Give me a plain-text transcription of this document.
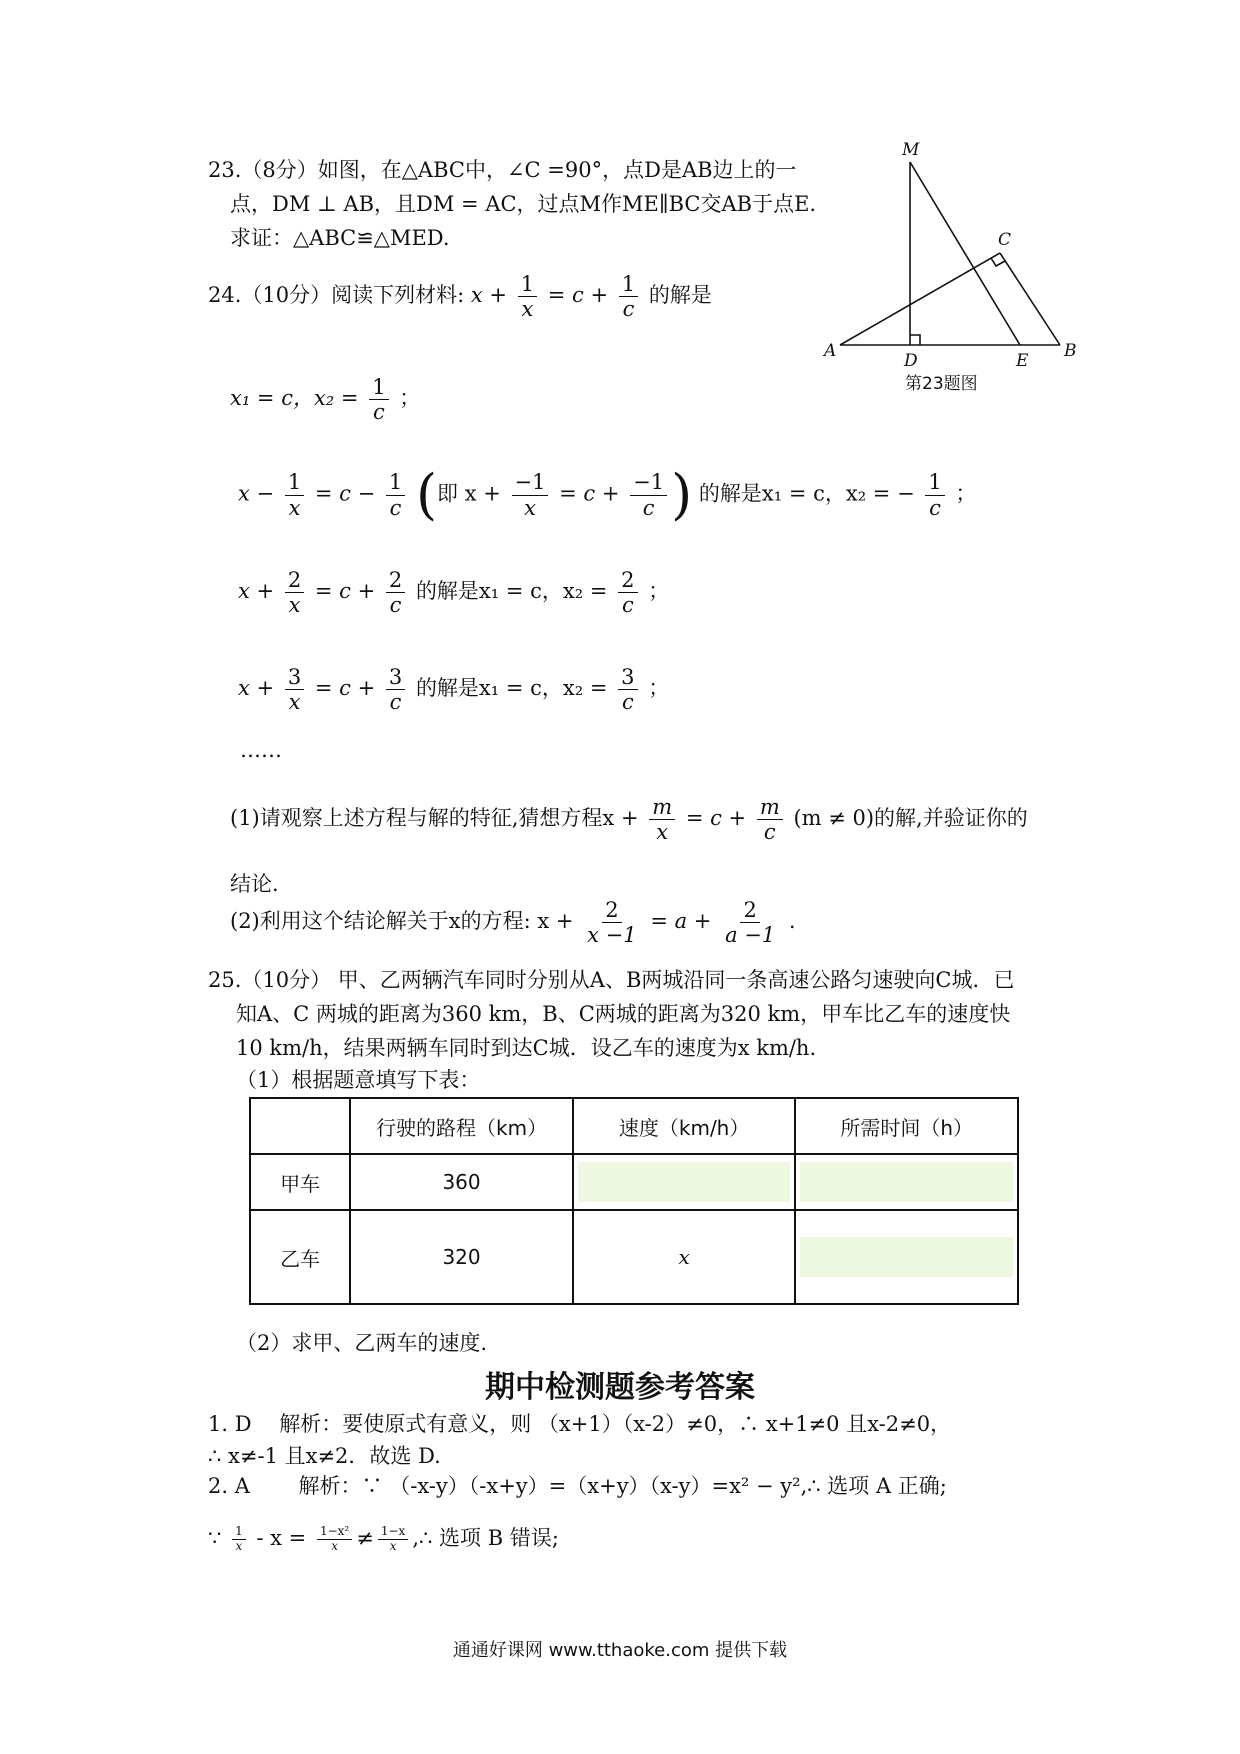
23.（8分）如图，在△ABC中，∠C =90°，点D是AB边上的一
点，DM ⊥ AB，且DM = AC，过点M作ME∥BC交AB于点E.
求证：△ABC≌△MED.
M
C
A	D	E B
第23题图
24.（10分）阅读下列材料: $x + \frac{1}{x} = c + \frac{1}{c}$ 的解是
x₁ = c，$x_2 = \frac{1}{c}$ ；
$x - \frac{1}{x} = c - \frac{1}{c}$ (即 $x + \frac{-1}{x} = c + \frac{-1}{c}$ ) 的解是x₁ = c，x₂ = − $\frac{1}{c}$ ；
$x + \frac{2}{x} = c + \frac{2}{c}$ 的解是x₁ = c，$x_2 = \frac{2}{c}$ ；
$x + \frac{3}{x} = c + \frac{3}{c}$ 的解是x₁ = c，$x_2 = \frac{3}{c}$ ；
……
(1)请观察上述方程与解的特征,猜想方程$x + \frac{m}{x} = c + \frac{m}{c} (m \ne 0)$的解,并验证你的
结论.
(2)利用这个结论解关于x的方程: $x + \frac{2}{x -1} = a + \frac{2}{a -1}$ .
25.（10分） 甲、乙两辆汽车同时分别从A、B两城沿同一条高速公路匀速驶向C城．已
知A、C 两城的距离为360 km，B、C两城的距离为320 km，甲车比乙车的速度快
10 km/h，结果两辆车同时到达C城．设乙车的速度为x km/h.
（1）根据题意填写下表：
	行驶的路程（km）	速度（km/h）	所需时间（h）
甲车	360	

乙车	320	x	
（2）求甲、乙两车的速度.
期中检测题参考答案
1. D　 解析：要使原式有意义，则 （x+1）（x-2）≠0，∴ x+1≠0 且x-2≠0，
∴ x≠-1 且x≠2．故选 D.
2. A　　 解析：∵ （-x-y）（-x+y）=（x+y）（x-y）=x² − y²,∴ 选项 A 正确;
∵ $\frac{1}{x} - x = \frac{\text{1−x²}}{x} \ne \frac{1-x}{x}$ ,∴ 选项 B 错误;
通通好课网 www.tthaoke.com 提供下载
